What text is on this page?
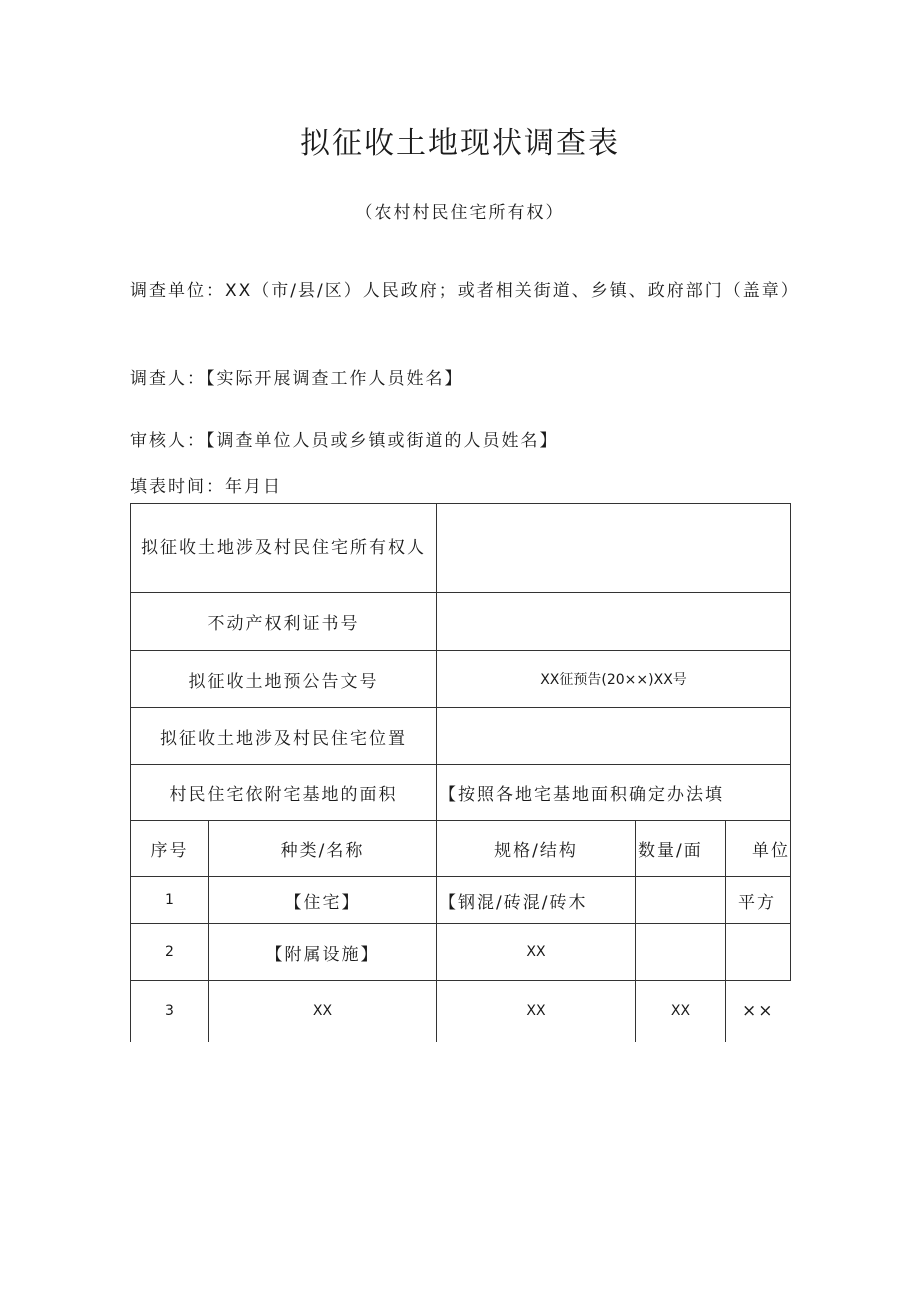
拟征收土地现状调查表
（农村村民住宅所有权）
调查单位：XX（市/县/区）人民政府；或者相关街道、乡镇、政府部门（盖章）
调查人：【实际开展调查工作人员姓名】
审核人：【调查单位人员或乡镇或街道的人员姓名】
填表时间：年月日
拟征收土地涉及村民住宅所有权人				
不动产权利证书号				
拟征收土地预公告文号		XX征预告(20××)XX号		
拟征收土地涉及村民住宅位置				
村民住宅依附宅基地的面积		【按照各地宅基地面积确定办法填		
序号	种类/名称	规格/结构	数量/面	单位
1	【住宅】	【钢混/砖混/砖木		平方
2	【附属设施】	XX		
3	XX	XX	XX	××
